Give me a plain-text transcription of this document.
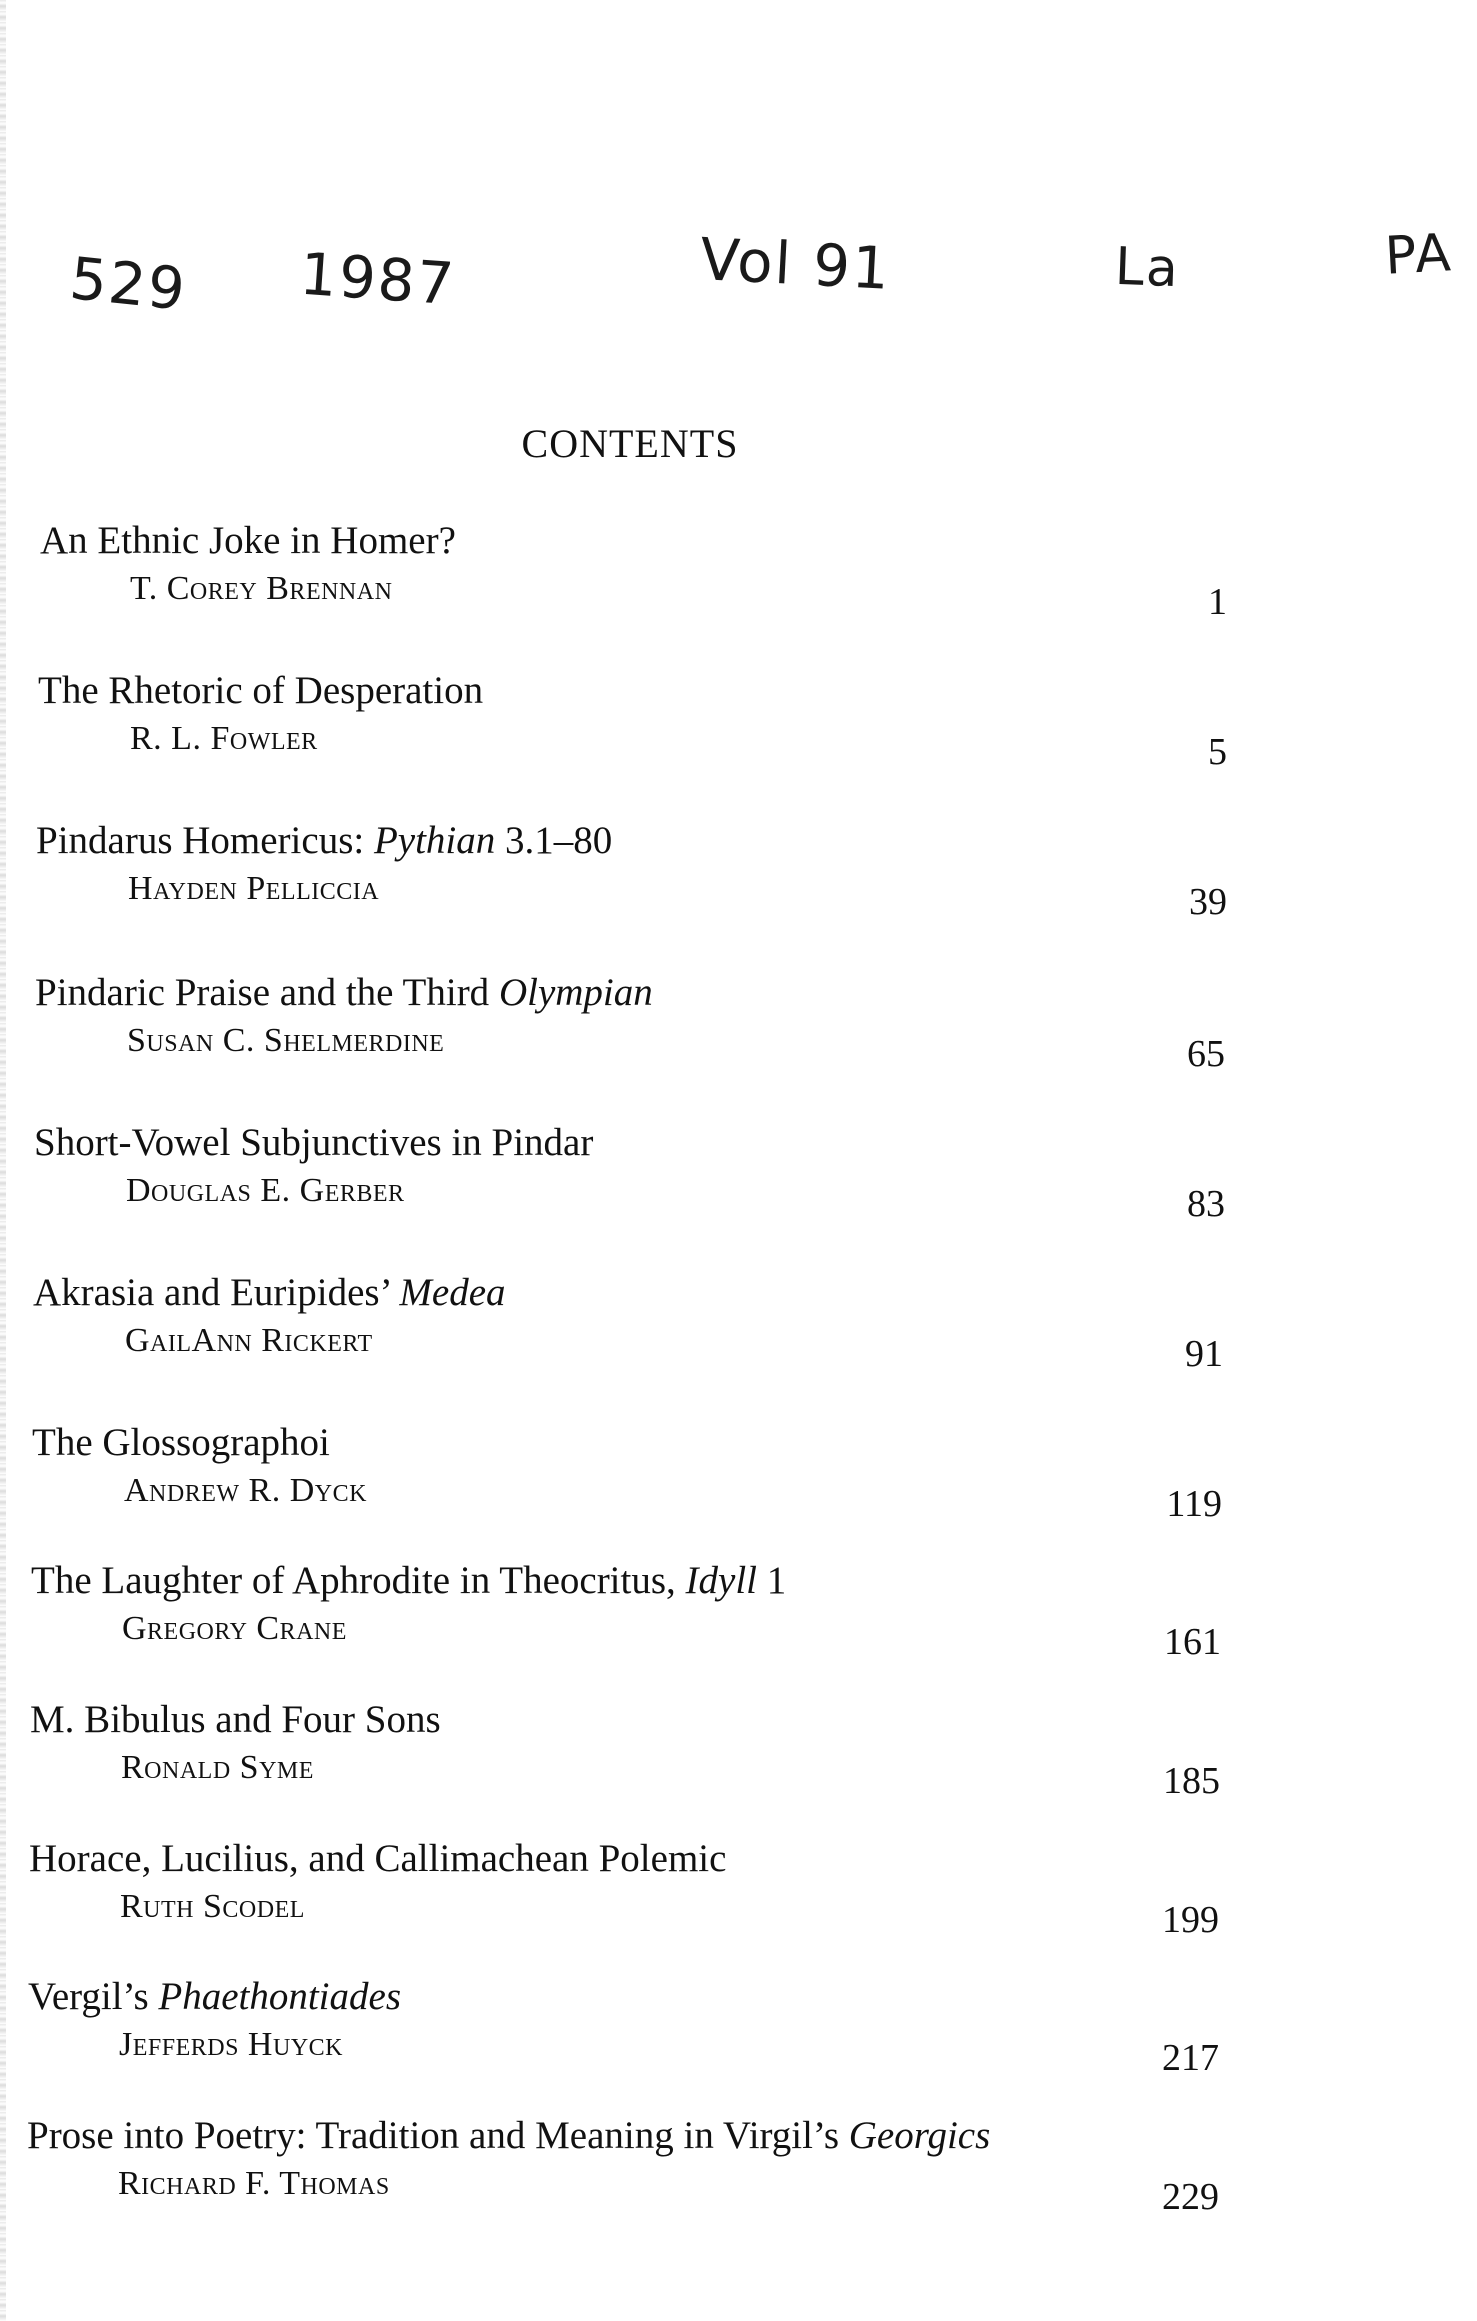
529 1987	Vol 91	La	PA
CONTENTS
An Ethnic Joke in Homer?
T. Corey Brennan	1
The Rhetoric of Desperation
R. L. Fowler	5
Pindarus Homericus: Pythian 3.1–80
Hayden Pelliccia	39
Pindaric Praise and the Third Olympian
Susan C. Shelmerdine	65
Short-Vowel Subjunctives in Pindar
Douglas E. Gerber	83
Akrasia and Euripides’ Medea
GailAnn Rickert	91
The Glossographoi
Andrew R. Dyck	119
The Laughter of Aphrodite in Theocritus, Idyll 1
Gregory Crane	161
M. Bibulus and Four Sons
Ronald Syme	185
Horace, Lucilius, and Callimachean Polemic
Ruth Scodel	199
Vergil’s Phaethontiades
Jefferds Huyck	217
Prose into Poetry: Tradition and Meaning in Virgil’s Georgics
Richard F. Thomas	229
